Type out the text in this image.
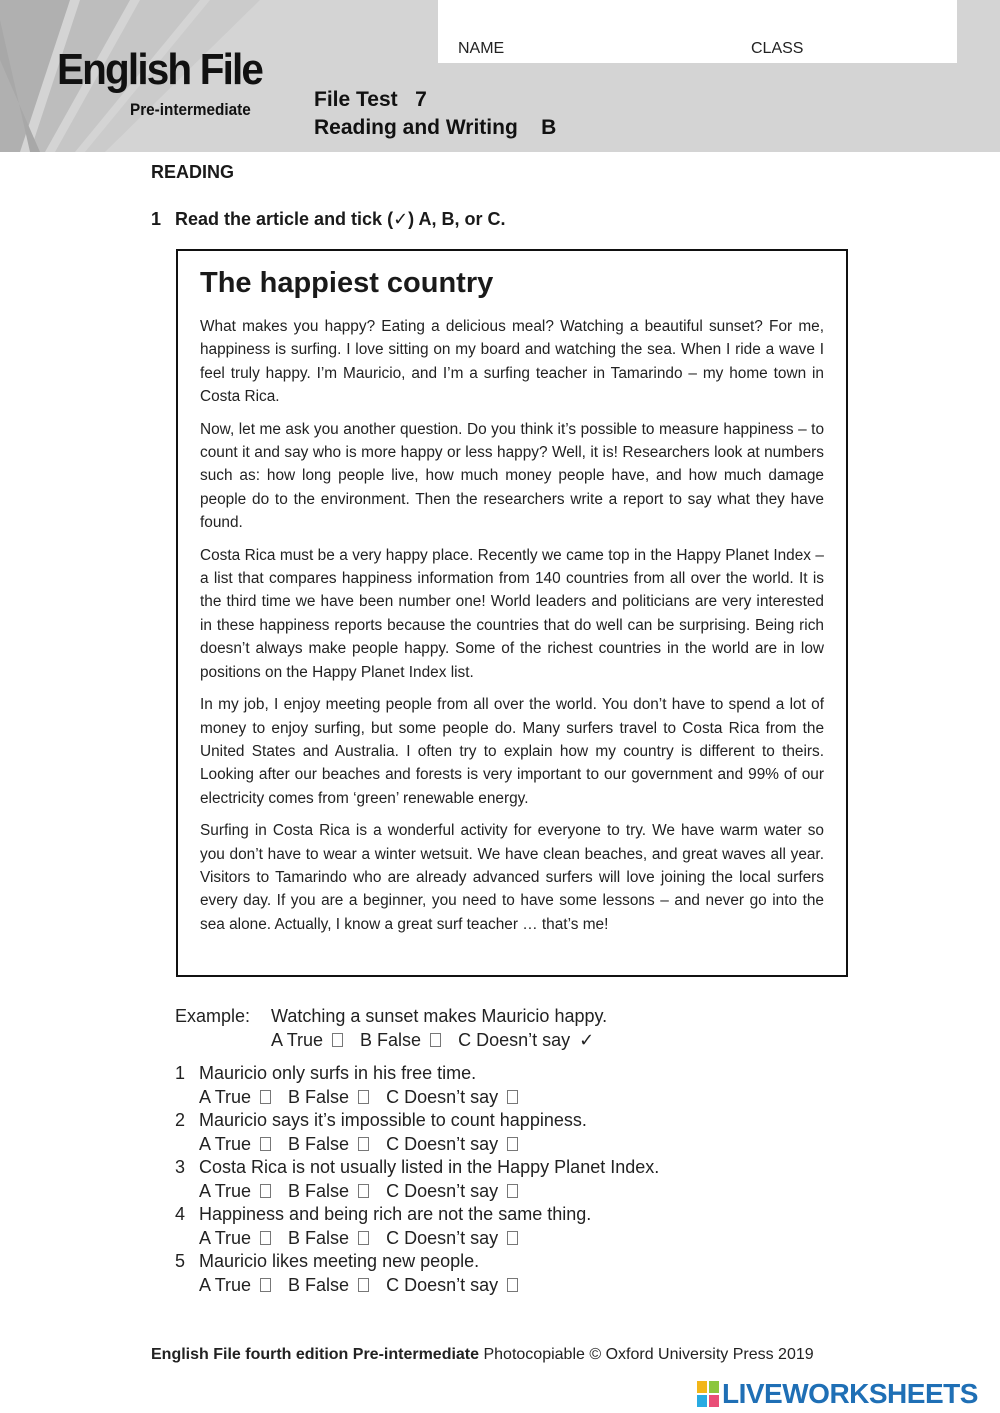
English File
Pre-intermediate
NAME	CLASS
File Test   7
Reading and Writing    B
READING
1 Read the article and tick (✓) A, B, or C.
The happiest country

What makes you happy? Eating a delicious meal? Watching a beautiful sunset? For me, happiness is surfing. I love sitting on my board and watching the sea. When I ride a wave I feel truly happy. I’m Mauricio, and I’m a surfing teacher in Tamarindo – my home town in Costa Rica.

Now, let me ask you another question. Do you think it’s possible to measure happiness – to count it and say who is more happy or less happy? Well, it is! Researchers look at numbers such as: how long people live, how much money people have, and how much damage people do to the environment. Then the researchers write a report to say what they have found.

Costa Rica must be a very happy place. Recently we came top in the Happy Planet Index – a list that compares happiness information from 140 countries from all over the world. It is the third time we have been number one! World leaders and politicians are very interested in these happiness reports because the countries that do well can be surprising. Being rich doesn’t always make people happy. Some of the richest countries in the world are in low positions on the Happy Planet Index list.

In my job, I enjoy meeting people from all over the world. You don’t have to spend a lot of money to enjoy surfing, but some people do. Many surfers travel to Costa Rica from the United States and Australia. I often try to explain how my country is different to theirs. Looking after our beaches and forests is very important to our government and 99% of our electricity comes from ‘green’ renewable energy.

Surfing in Costa Rica is a wonderful activity for everyone to try. We have warm water so you don’t have to wear a winter wetsuit. We have clean beaches, and great waves all year. Visitors to Tamarindo who are already advanced surfers will love joining the local surfers every day. If you are a beginner, you need to have some lessons – and never go into the sea alone. Actually, I know a great surf teacher … that’s me!

Example: Watching a sunset makes Mauricio happy.
A True B False C Doesn’t say ✓
1 Mauricio only surfs in his free time.
A True B False C Doesn’t say
2 Mauricio says it’s impossible to count happiness.
A True B False C Doesn’t say
3 Costa Rica is not usually listed in the Happy Planet Index.
A True B False C Doesn’t say
4 Happiness and being rich are not the same thing.
A True B False C Doesn’t say
5 Mauricio likes meeting new people.
A True B False C Doesn’t say
English File fourth edition Pre-intermediate Photocopiable © Oxford University Press 2019
LIVEWORKSHEETS
